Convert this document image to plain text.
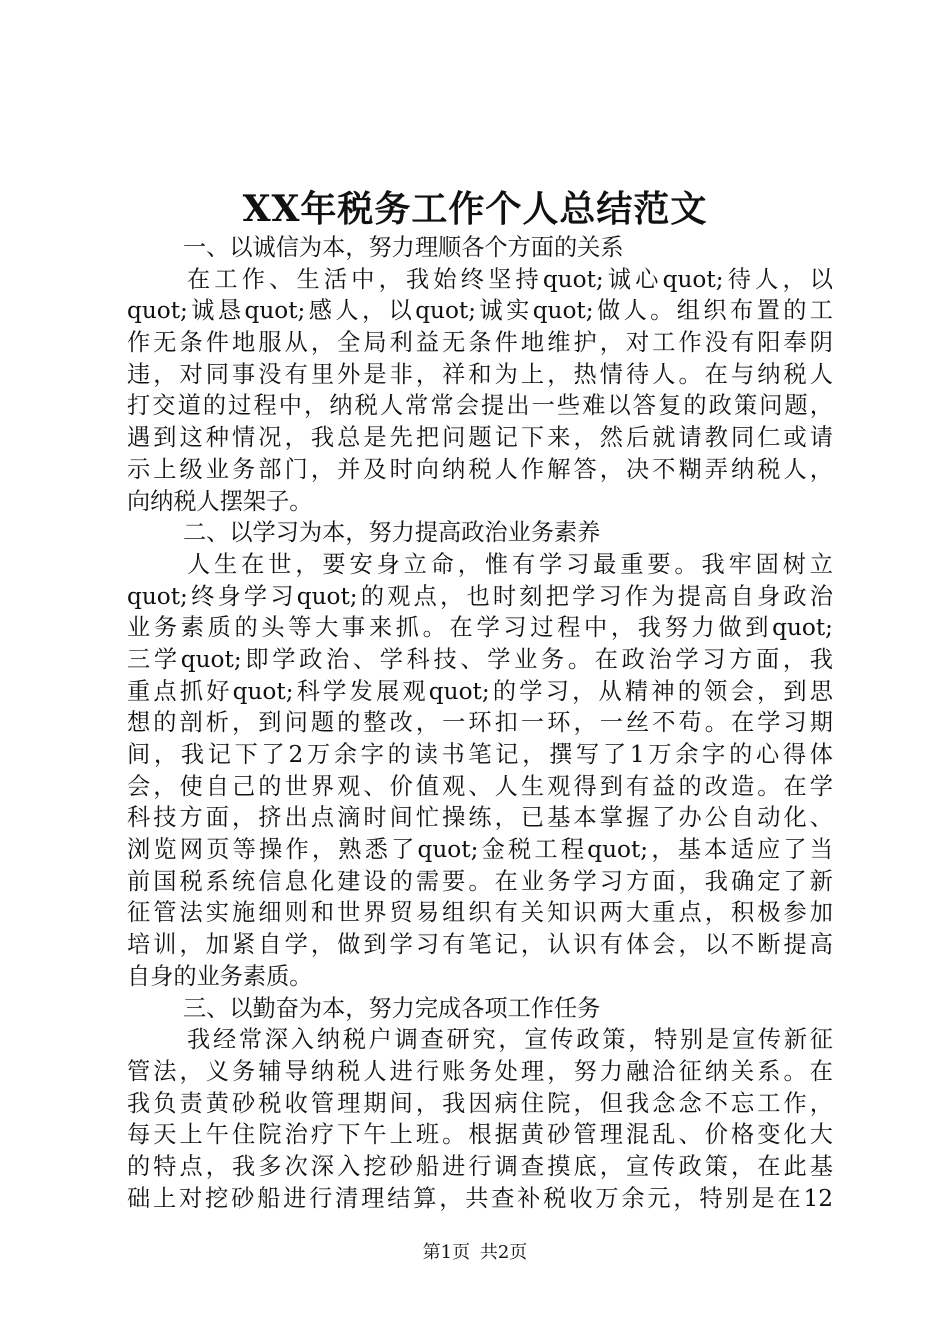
XX年税务工作个人总结范文
一、以诚信为本，努力理顺各个方面的关系
在工作、生活中，我始终坚持quot;诚心quot;待人，以
quot;诚恳quot;感人，以quot;诚实quot;做人。组织布置的工
作无条件地服从，全局利益无条件地维护，对工作没有阳奉阴
违，对同事没有里外是非，祥和为上，热情待人。在与纳税人
打交道的过程中，纳税人常常会提出一些难以答复的政策问题，
遇到这种情况，我总是先把问题记下来，然后就请教同仁或请
示上级业务部门，并及时向纳税人作解答，决不糊弄纳税人，
向纳税人摆架子。
二、以学习为本，努力提高政治业务素养
人生在世，要安身立命，惟有学习最重要。我牢固树立
quot;终身学习quot;的观点，也时刻把学习作为提高自身政治
业务素质的头等大事来抓。在学习过程中，我努力做到quot;
三学quot;即学政治、学科技、学业务。在政治学习方面，我
重点抓好quot;科学发展观quot;的学习，从精神的领会，到思
想的剖析，到问题的整改，一环扣一环，一丝不苟。在学习期
间，我记下了2万余字的读书笔记，撰写了1万余字的心得体
会，使自己的世界观、价值观、人生观得到有益的改造。在学
科技方面，挤出点滴时间忙操练，已基本掌握了办公自动化、
浏览网页等操作，熟悉了quot;金税工程quot;，基本适应了当
前国税系统信息化建设的需要。在业务学习方面，我确定了新
征管法实施细则和世界贸易组织有关知识两大重点，积极参加
培训，加紧自学，做到学习有笔记，认识有体会，以不断提高
自身的业务素质。
三、以勤奋为本，努力完成各项工作任务
我经常深入纳税户调查研究，宣传政策，特别是宣传新征
管法，义务辅导纳税人进行账务处理，努力融洽征纳关系。在
我负责黄砂税收管理期间，我因病住院，但我念念不忘工作，
每天上午住院治疗下午上班。根据黄砂管理混乱、价格变化大
的特点，我多次深入挖砂船进行调查摸底，宣传政策，在此基
础上对挖砂船进行清理结算，共查补税收万余元，特别是在12
第1页 共2页
